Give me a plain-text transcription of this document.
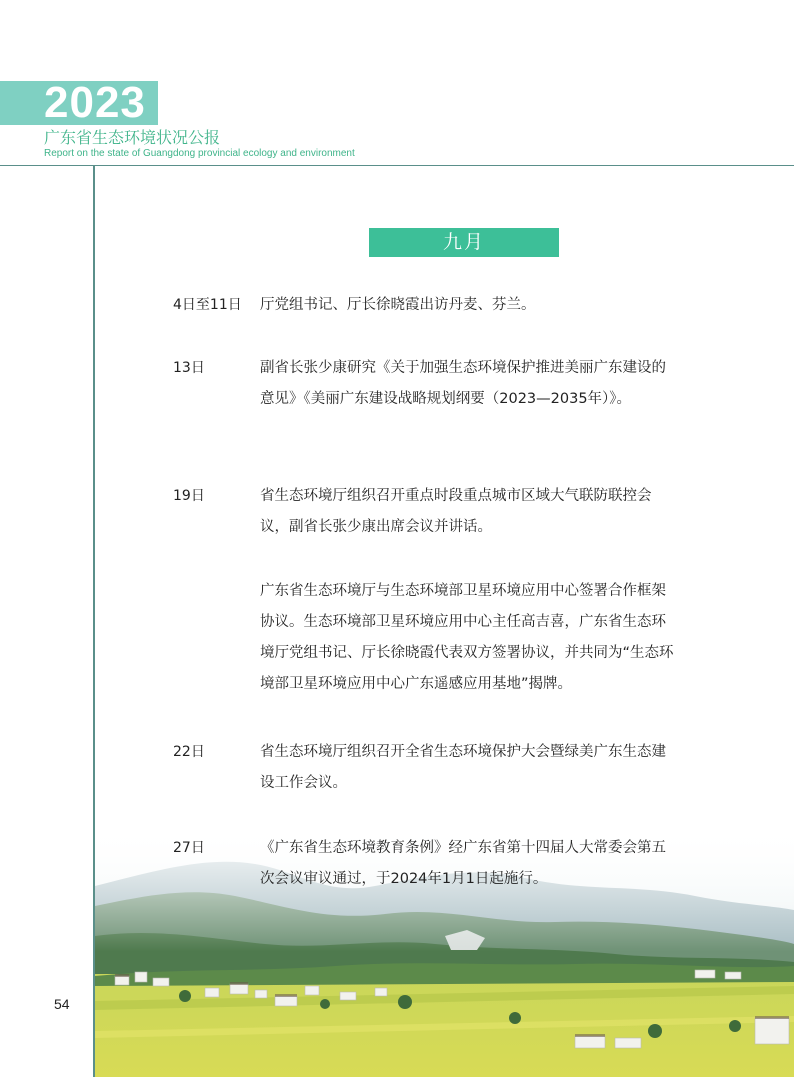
2023
广东省生态环境状况公报
Report on the state of Guangdong provincial ecology and environment
九月
4日至11日 厅党组书记、厅长徐晓霞出访丹麦、芬兰。

13日	副省长张少康研究《关于加强生态环境保护推进美丽广东建设的意见》《美丽广东建设战略规划纲要（2023—2035年）》。

19日	省生态环境厅组织召开重点时段重点城市区域大气联防联控会议，副省长张少康出席会议并讲话。

广东省生态环境厅与生态环境部卫星环境应用中心签署合作框架协议。生态环境部卫星环境应用中心主任高吉喜，广东省生态环境厅党组书记、厅长徐晓霞代表双方签署协议，并共同为“生态环境部卫星环境应用中心广东遥感应用基地”揭牌。

22日	省生态环境厅组织召开全省生态环境保护大会暨绿美广东生态建设工作会议。

27日	《广东省生态环境教育条例》经广东省第十四届人大常委会第五次会议审议通过，于2024年1月1日起施行。

54
